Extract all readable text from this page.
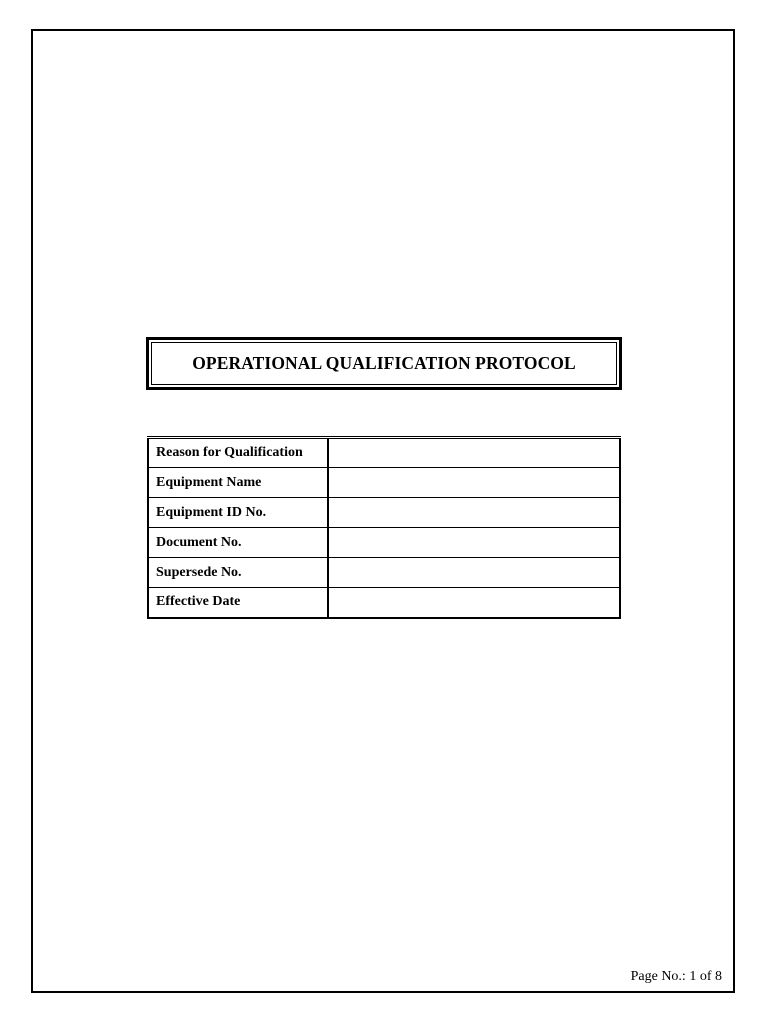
OPERATIONAL QUALIFICATION PROTOCOL
Reason for Qualification	
Equipment Name	
Equipment ID No.	
Document No.	
Supersede No.	
Effective Date	
Page No.: 1 of 8
